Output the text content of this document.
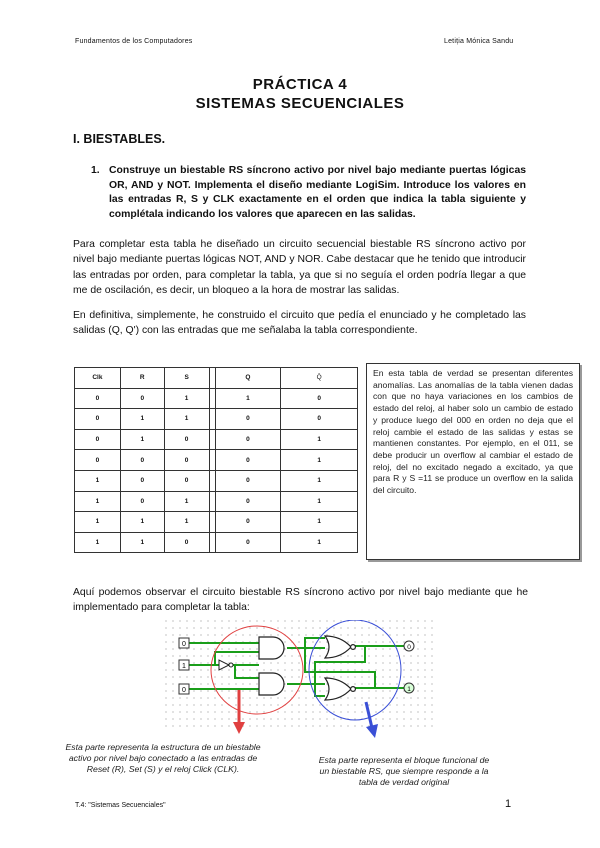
Fundamentos de los Computadores	Letiția Mónica Sandu
PRÁCTICA 4
SISTEMAS SECUENCIALES
I. BIESTABLES.
1. Construye un biestable RS síncrono activo por nivel bajo mediante puertas lógicas OR, AND y NOT. Implementa el diseño mediante LogiSim. Introduce los valores en las entradas R, S y CLK exactamente en el orden que indica la tabla siguiente y complétala indicando los valores que aparecen en las salidas.
Para completar esta tabla he diseñado un circuito secuencial biestable RS síncrono activo por nivel bajo mediante puertas lógicas NOT, AND y NOR. Cabe destacar que he tenido que introducir las entradas por orden, para completar la tabla, ya que si no seguía el orden podría llegar a que me de oscilación, es decir, un bloqueo a la hora de mostrar las salidas.
En definitiva, simplemente, he construido el circuito que pedía el enunciado y he completado las salidas (Q, Q') con las entradas que me señalaba la tabla correspondiente.
Clk	R	S		Q	Q̄
0	0	1		1	0
0	1	1		0	0
0	1	0		0	1
0	0	0		0	1
1	0	0		0	1
1	0	1		0	1
1	1	1		0	1
1	1	0		0	1
En esta tabla de verdad se presentan diferentes anomalías. Las anomalías de la tabla vienen dadas con que no haya variaciones en los cambios de estado del reloj, al haber solo un cambio de estado y produce luego del 000 en orden no deja que el reloj cambie el estado de las salidas y estas se mantienen constantes. Por ejemplo, en el 011, se debe producir un overflow al cambiar el estado de reloj, del no excitado negado a excitado, ya que para R y S =11 se produce un overflow en la salida del circuito.
Aquí podemos observar el circuito biestable RS síncrono activo por nivel bajo mediante que he implementado para completar la tabla:
0
1
0
0
1
Esta parte representa la estructura de un biestable activo por nivel bajo conectado a las entradas de Reset (R), Set (S) y el reloj Click (CLK).
Esta parte representa el bloque funcional de un biestable RS, que siempre responde a la tabla de verdad original
T.4: "Sistemas Secuenciales"	1
